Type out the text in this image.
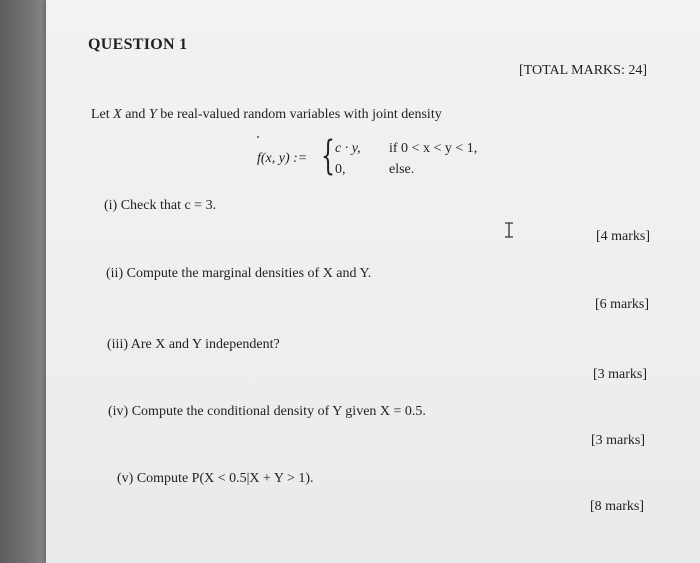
QUESTION 1
[TOTAL MARKS: 24]
Let X and Y be real-valued random variables with joint density
f(x, y) := { c · y, if 0 < x < y < 1,
0,	else.
(i) Check that c = 3.
[4 marks]
(ii) Compute the marginal densities of X and Y.
[6 marks]
(iii) Are X and Y independent?
[3 marks]
(iv) Compute the conditional density of Y given X = 0.5.
[3 marks]
(v) Compute P(X < 0.5|X + Y > 1).
[8 marks]
